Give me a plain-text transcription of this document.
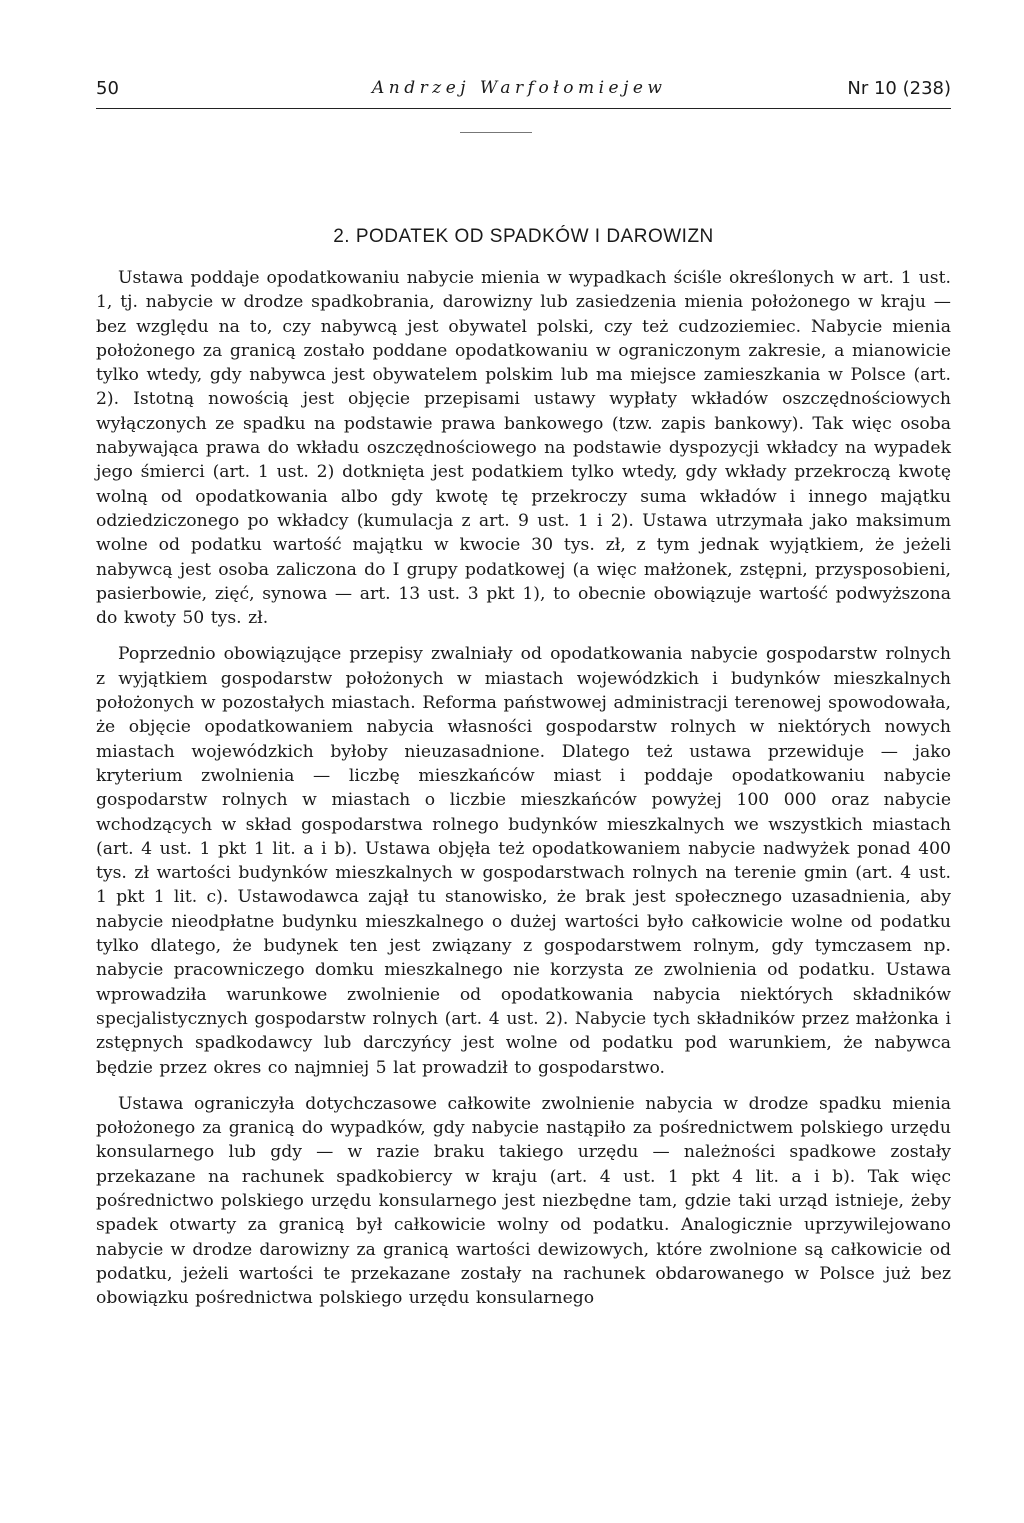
50	Andrzej Warfołomiejew	Nr 10 (238)
2. PODATEK OD SPADKÓW I DAROWIZN

Ustawa poddaje opodatkowaniu nabycie mienia w wypadkach ściśle określonych w art. 1 ust. 1, tj. nabycie w drodze spadkobrania, darowizny lub zasiedzenia mienia położonego w kraju — bez względu na to, czy nabywcą jest obywatel polski, czy też cudzoziemiec. Nabycie mienia położonego za granicą zostało poddane opodatkowaniu w ograniczonym zakresie, a mianowicie tylko wtedy, gdy nabywca jest obywatelem polskim lub ma miejsce zamieszkania w Polsce (art. 2). Istotną nowością jest objęcie przepisami ustawy wypłaty wkładów oszczędnościowych wyłączonych ze spadku na podstawie prawa bankowego (tzw. zapis bankowy). Tak więc osoba nabywająca prawa do wkładu oszczędnościowego na podstawie dyspozycji wkładcy na wypadek jego śmierci (art. 1 ust. 2) dotknięta jest podatkiem tylko wtedy, gdy wkłady przekroczą kwotę wolną od opodatkowania albo gdy kwotę tę przekroczy suma wkładów i innego majątku odziedziczonego po wkładcy (kumulacja z art. 9 ust. 1 i 2). Ustawa utrzymała jako maksimum wolne od podatku wartość majątku w kwocie 30 tys. zł, z tym jednak wyjątkiem, że jeżeli nabywcą jest osoba zaliczona do I grupy podatkowej (a więc małżonek, zstępni, przysposobieni, pasierbowie, zięć, synowa — art. 13 ust. 3 pkt 1), to obecnie obowiązuje wartość podwyższona do kwoty 50 tys. zł.

Poprzednio obowiązujące przepisy zwalniały od opodatkowania nabycie gospodarstw rolnych z wyjątkiem gospodarstw położonych w miastach wojewódzkich i budynków mieszkalnych położonych w pozostałych miastach. Reforma państwowej administracji terenowej spowodowała, że objęcie opodatkowaniem nabycia własności gospodarstw rolnych w niektórych nowych miastach wojewódzkich byłoby nieuzasadnione. Dlatego też ustawa przewiduje — jako kryterium zwolnienia — liczbę mieszkańców miast i poddaje opodatkowaniu nabycie gospodarstw rolnych w miastach o liczbie mieszkańców powyżej 100 000 oraz nabycie wchodzących w skład gospodarstwa rolnego budynków mieszkalnych we wszystkich miastach (art. 4 ust. 1 pkt 1 lit. a i b). Ustawa objęła też opodatkowaniem nabycie nadwyżek ponad 400 tys. zł wartości budynków mieszkalnych w gospodarstwach rolnych na terenie gmin (art. 4 ust. 1 pkt 1 lit. c). Ustawodawca zajął tu stanowisko, że brak jest społecznego uzasadnienia, aby nabycie nieodpłatne budynku mieszkalnego o dużej wartości było całkowicie wolne od podatku tylko dlatego, że budynek ten jest związany z gospodarstwem rolnym, gdy tymczasem np. nabycie pracowniczego domku mieszkalnego nie korzysta ze zwolnienia od podatku. Ustawa wprowadziła warunkowe zwolnienie od opodatkowania nabycia niektórych składników specjalistycznych gospodarstw rolnych (art. 4 ust. 2). Nabycie tych składników przez małżonka i zstępnych spadkodawcy lub darczyńcy jest wolne od podatku pod warunkiem, że nabywca będzie przez okres co najmniej 5 lat prowadził to gospodarstwo.

Ustawa ograniczyła dotychczasowe całkowite zwolnienie nabycia w drodze spadku mienia położonego za granicą do wypadków, gdy nabycie nastąpiło za pośrednictwem polskiego urzędu konsularnego lub gdy — w razie braku takiego urzędu — należności spadkowe zostały przekazane na rachunek spadkobiercy w kraju (art. 4 ust. 1 pkt 4 lit. a i b). Tak więc pośrednictwo polskiego urzędu konsularnego jest niezbędne tam, gdzie taki urząd istnieje, żeby spadek otwarty za granicą był całkowicie wolny od podatku. Analogicznie uprzywilejowano nabycie w drodze darowizny za granicą wartości dewizowych, które zwolnione są całkowicie od podatku, jeżeli wartości te przekazane zostały na rachunek obdarowanego w Polsce już bez obowiązku pośrednictwa polskiego urzędu konsularnego
